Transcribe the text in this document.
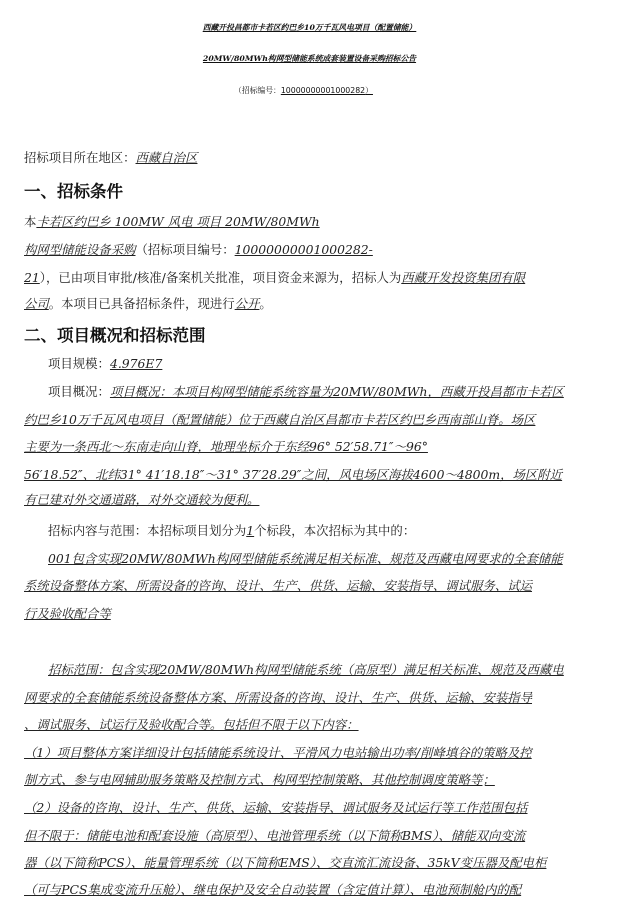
西藏开投昌都市卡若区约巴乡10万千瓦风电项目（配置储能）
20MW/80MWh构网型储能系统成套装置设备采购招标公告
（招标编号：10000000001000282）
招标项目所在地区：西藏自治区
一、招标条件
本卡若区约巴乡 100MW 风电 项目 20MW/80MWh
构网型储能设备采购（招标项目编号：10000000001000282-
21），已由项目审批/核准/备案机关批准，项目资金来源为，招标人为西藏开发投资集团有限
公司。本项目已具备招标条件，现进行公开。
二、项目概况和招标范围
项目规模：4.976E7
项目概况：项目概况：本项目构网型储能系统容量为20MW/80MWh，西藏开投昌都市卡若区
约巴乡10万千瓦风电项目（配置储能）位于西藏自治区昌都市卡若区约巴乡西南部山脊。场区
主要为一条西北～东南走向山脊，地理坐标介于东经96° 52′58.71″～96°
56′18.52″、北纬31° 41′18.18″～31° 37′28.29″之间，风电场区海拔4600～4800m，场区附近
有已建对外交通道路，对外交通较为便利。
招标内容与范围：本招标项目划分为1个标段，本次招标为其中的：
001包含实现20MW/80MWh构网型储能系统满足相关标准、规范及西藏电网要求的全套储能
系统设备整体方案、所需设备的咨询、设计、生产、供货、运输、安装指导、调试服务、试运
行及验收配合等
招标范围：包含实现20MW/80MWh构网型储能系统（高原型）满足相关标准、规范及西藏电
网要求的全套储能系统设备整体方案、所需设备的咨询、设计、生产、供货、运输、安装指导
、调试服务、试运行及验收配合等。包括但不限于以下内容：
（1）项目整体方案详细设计包括储能系统设计、平滑风力电站输出功率/削峰填谷的策略及控
制方式、参与电网辅助服务策略及控制方式、构网型控制策略、其他控制调度策略等；
（2）设备的咨询、设计、生产、供货、运输、安装指导、调试服务及试运行等工作范围包括
但不限于：储能电池和配套设施（高原型）、电池管理系统（以下简称BMS）、储能双向变流
器（以下简称PCS）、能量管理系统（以下简称EMS）、交直流汇流设备、35kV变压器及配电柜
（可与PCS集成变流升压舱）、继电保护及安全自动装置（含定值计算）、电池预制舱内的配
